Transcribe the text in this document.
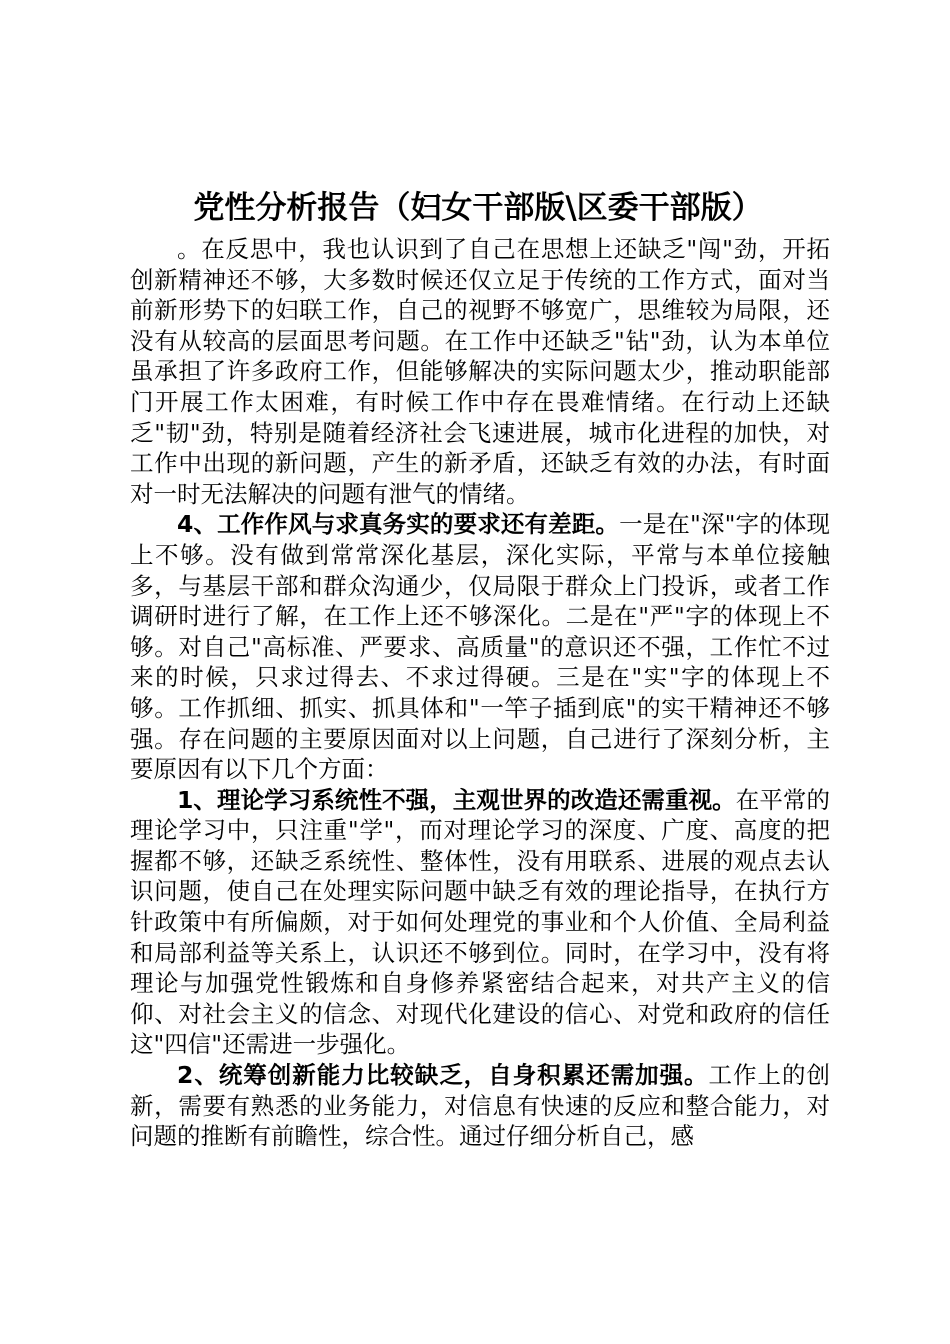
党性分析报告（妇女干部版\区委干部版）

。在反思中，我也认识到了自己在思想上还缺乏"闯"劲，开拓创新精神还不够，大多数时候还仅立足于传统的工作方式，面对当前新形势下的妇联工作，自己的视野不够宽广，思维较为局限，还没有从较高的层面思考问题。在工作中还缺乏"钻"劲，认为本单位虽承担了许多政府工作，但能够解决的实际问题太少，推动职能部门开展工作太困难，有时候工作中存在畏难情绪。在行动上还缺乏"韧"劲，特别是随着经济社会飞速进展，城市化进程的加快，对工作中出现的新问题，产生的新矛盾，还缺乏有效的办法，有时面对一时无法解决的问题有泄气的情绪。

4、工作作风与求真务实的要求还有差距。一是在"深"字的体现上不够。没有做到常常深化基层，深化实际，平常与本单位接触多，与基层干部和群众沟通少，仅局限于群众上门投诉，或者工作调研时进行了解，在工作上还不够深化。二是在"严"字的体现上不够。对自己"高标准、严要求、高质量"的意识还不强，工作忙不过来的时候，只求过得去、不求过得硬。三是在"实"字的体现上不够。工作抓细、抓实、抓具体和"一竿子插到底"的实干精神还不够强。存在问题的主要原因面对以上问题，自己进行了深刻分析，主要原因有以下几个方面：

1、理论学习系统性不强，主观世界的改造还需重视。在平常的理论学习中，只注重"学"，而对理论学习的深度、广度、高度的把握都不够，还缺乏系统性、整体性，没有用联系、进展的观点去认识问题，使自己在处理实际问题中缺乏有效的理论指导，在执行方针政策中有所偏颇，对于如何处理党的事业和个人价值、全局利益和局部利益等关系上，认识还不够到位。同时，在学习中，没有将理论与加强党性锻炼和自身修养紧密结合起来，对共产主义的信仰、对社会主义的信念、对现代化建设的信心、对党和政府的信任这"四信"还需进一步强化。

2、统筹创新能力比较缺乏，自身积累还需加强。工作上的创新，需要有熟悉的业务能力，对信息有快速的反应和整合能力，对问题的推断有前瞻性，综合性。通过仔细分析自己，感
